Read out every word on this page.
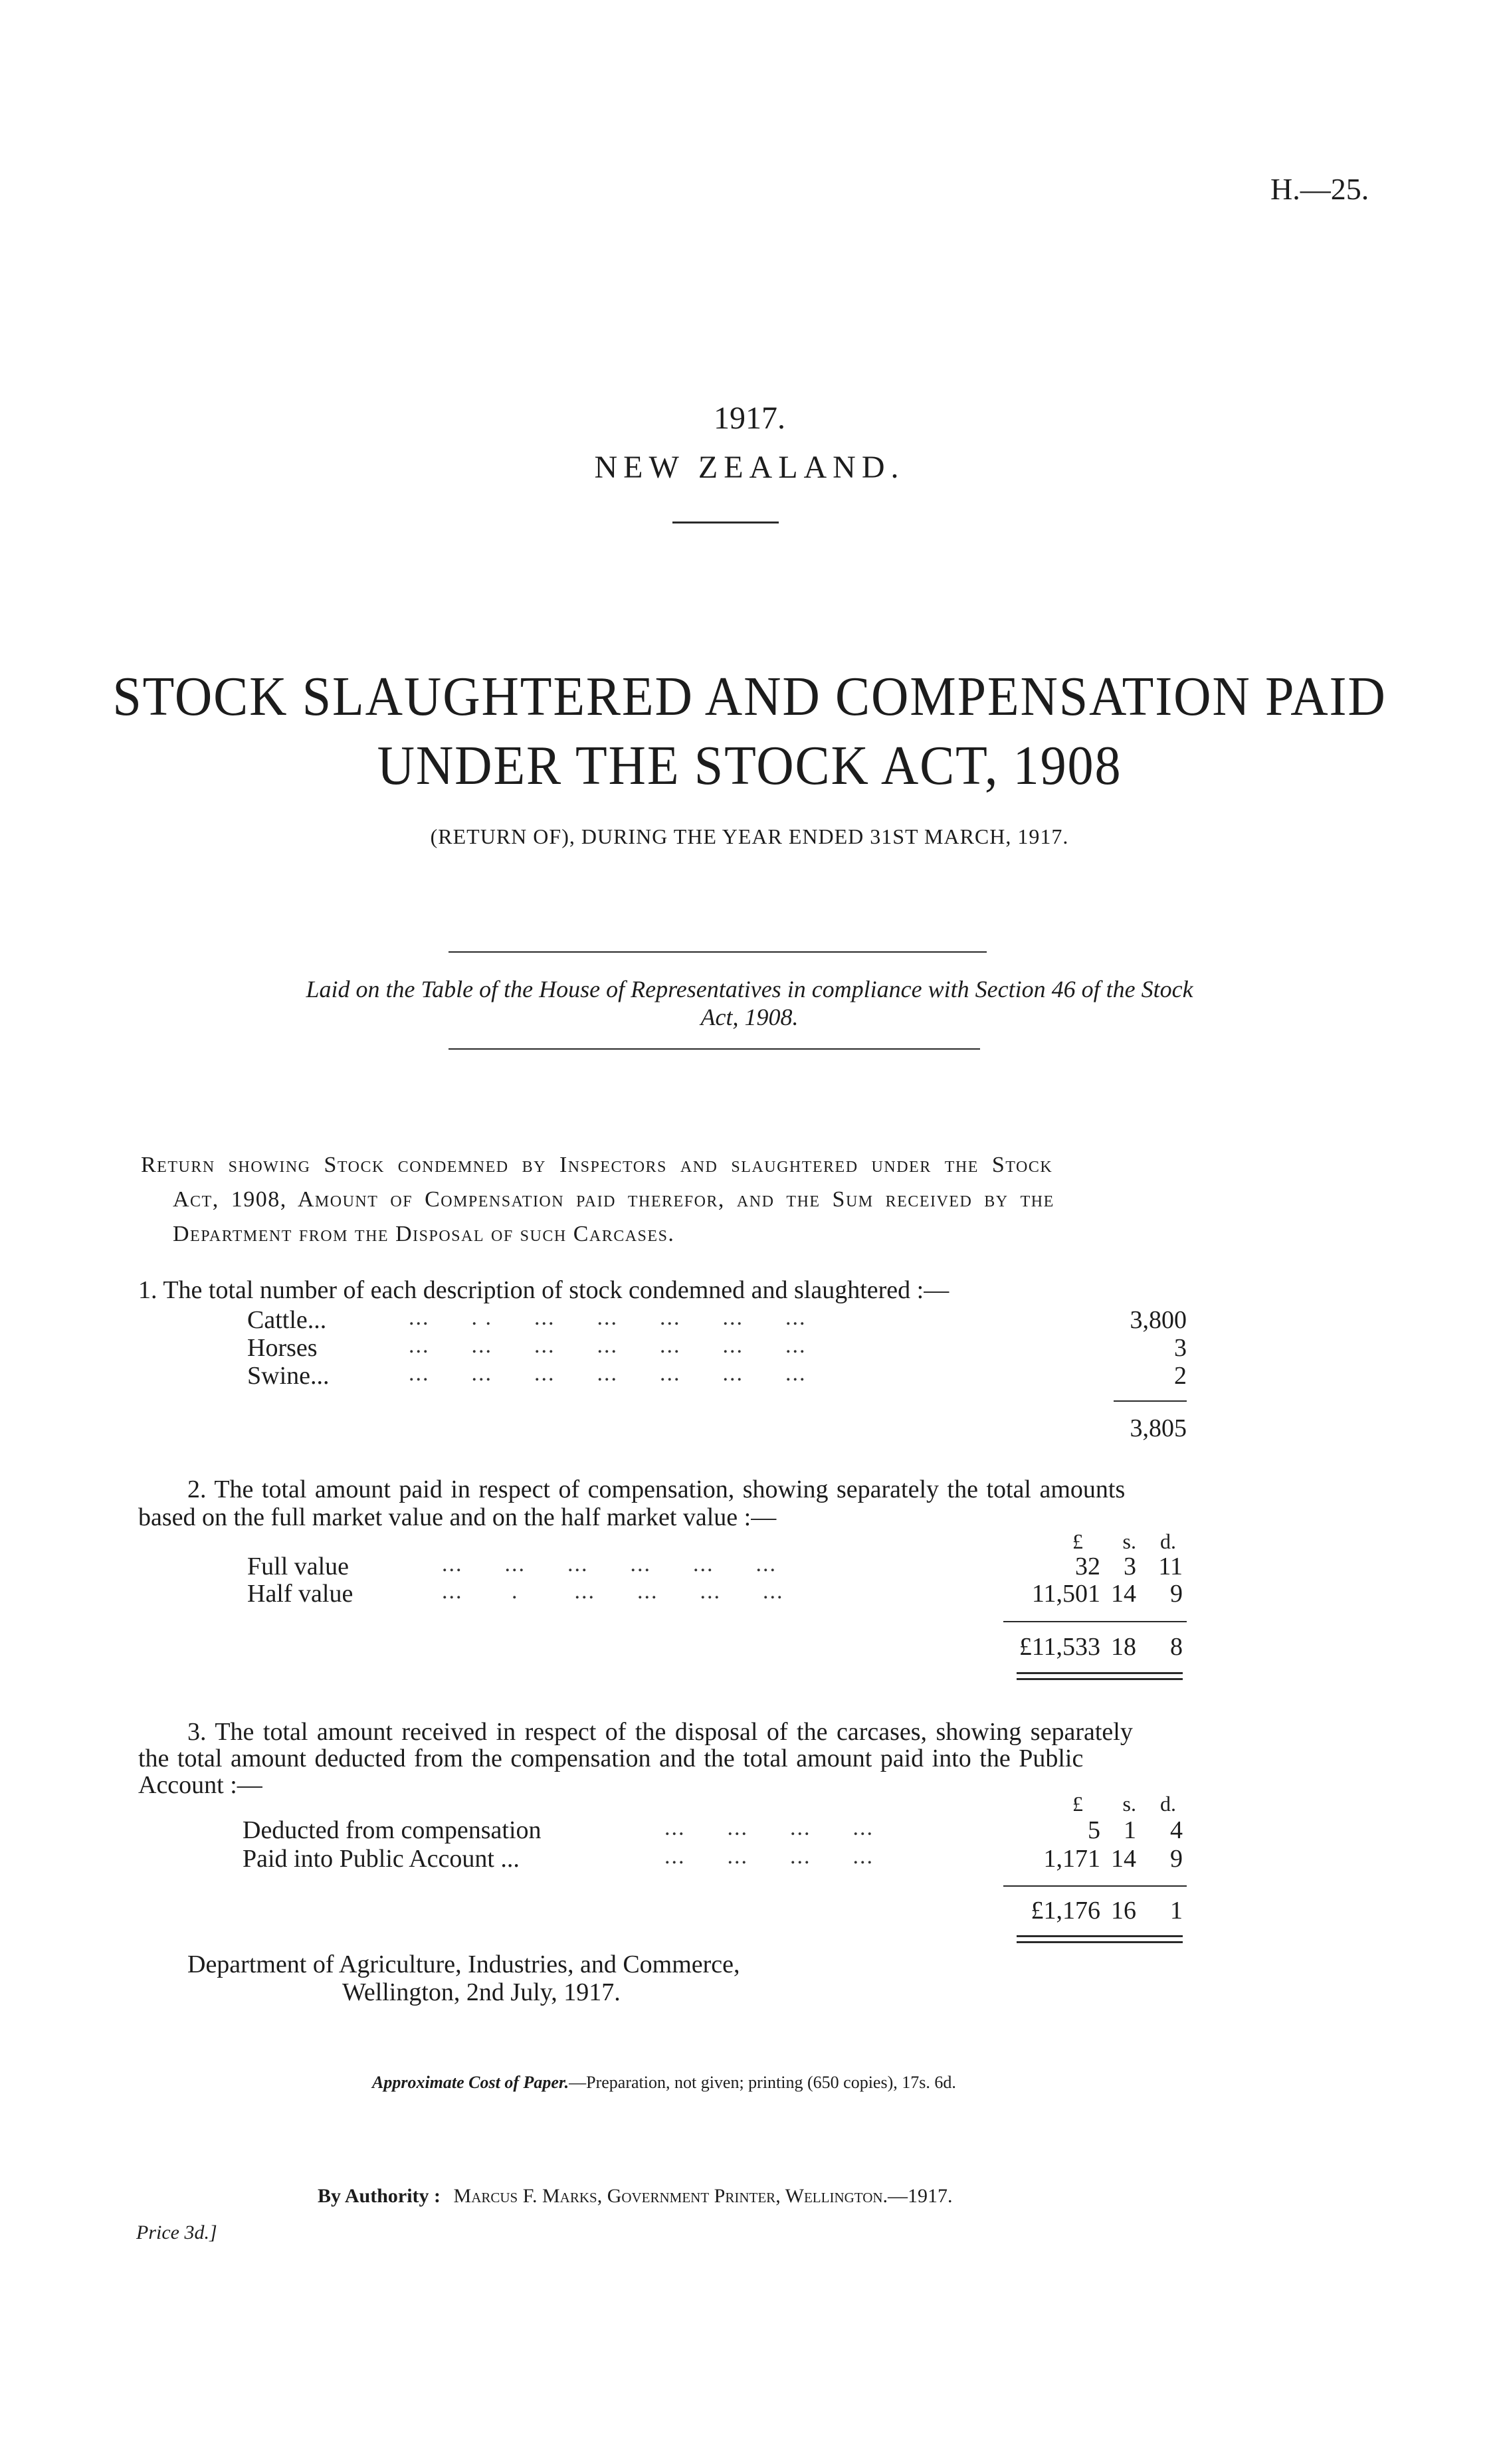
H.—25.
1917.
NEW ZEALAND.
STOCK SLAUGHTERED AND COMPENSATION PAID
UNDER THE STOCK ACT, 1908
(RETURN OF), DURING THE YEAR ENDED 31ST MARCH, 1917.
Laid on the Table of the House of Representatives in compliance with Section 46 of the Stock
Act, 1908.
Return showing Stock condemned by Inspectors and slaughtered under the Stock
Act, 1908, Amount of Compensation paid therefor, and the Sum received by the
Department from the Disposal of such Carcases.
1. The total number of each description of stock condemned and slaughtered :—
Cattle...	...      . .      ...      ...      ...      ...      ...	3,800
Horses	...      ...      ...      ...      ...      ...      ...	3
Swine...	...      ...      ...      ...      ...      ...      ...	2
3,805
2. The total amount paid in respect of compensation, showing separately the total amounts
based on the full market value and on the half market value :—
£ s. d.
Full value	...      ...      ...      ...      ...      ...	32 3 11
Half value	...       .        ...      ...      ...      ...	11,501 14 9
£11,533 18 8
3. The total amount received in respect of the disposal of the carcases, showing separately
the total amount deducted from the compensation and the total amount paid into the Public
Account :—
£ s. d.
Deducted from compensation	...      ...      ...      ...	5 1 4
Paid into Public Account ...	...      ...      ...      ...	1,171 14 9
£1,176 16 1
Department of Agriculture, Industries, and Commerce,
Wellington, 2nd July, 1917.
Approximate Cost of Paper.—Preparation, not given; printing (650 copies), 17s. 6d.
By Authority : Marcus F. Marks, Government Printer, Wellington.—1917.
Price 3d.]
